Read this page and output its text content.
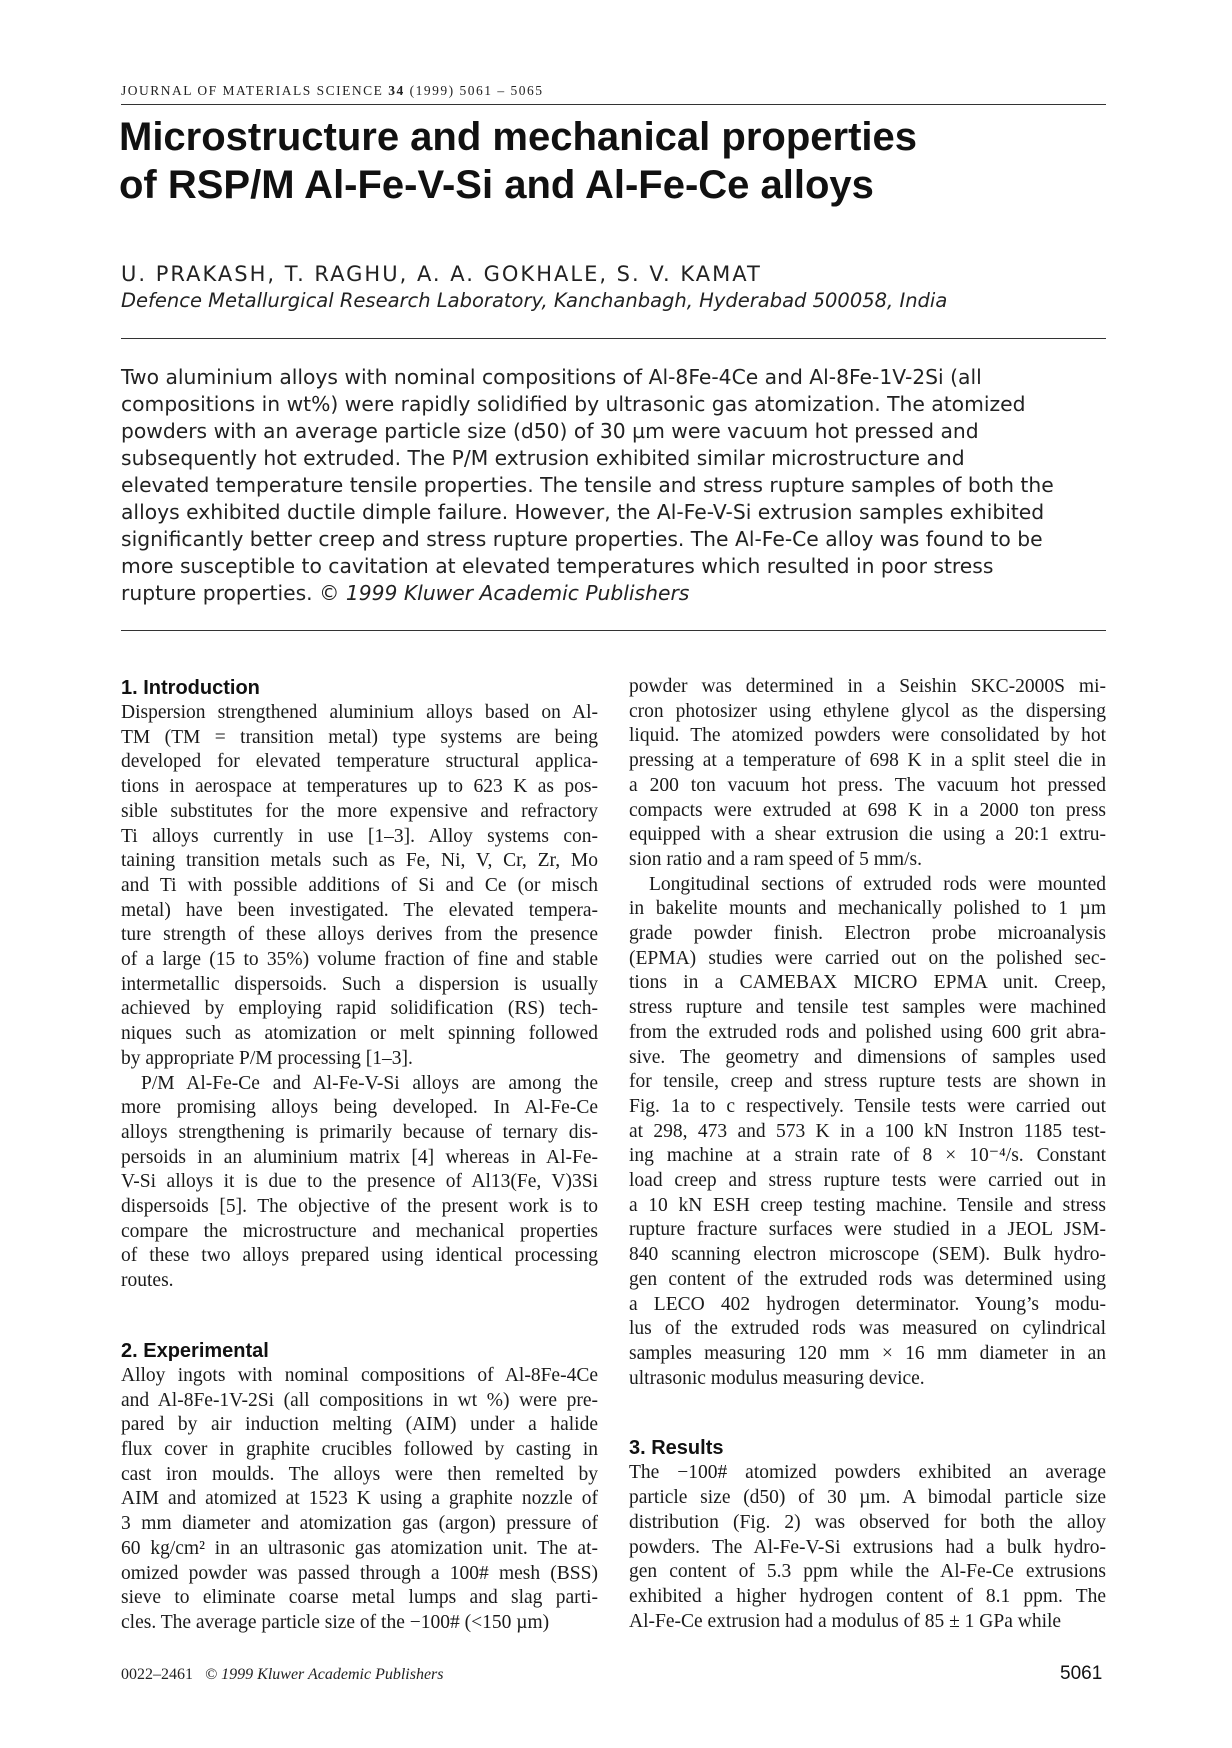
JOURNAL OF MATERIALS SCIENCE 34 (1999) 5061 – 5065
Microstructure and mechanical properties
of RSP/M Al-Fe-V-Si and Al-Fe-Ce alloys
U. PRAKASH, T. RAGHU, A. A. GOKHALE, S. V. KAMAT
Defence Metallurgical Research Laboratory, Kanchanbagh, Hyderabad 500058, India
Two aluminium alloys with nominal compositions of Al-8Fe-4Ce and Al-8Fe-1V-2Si (all
compositions in wt%) were rapidly solidified by ultrasonic gas atomization. The atomized
powders with an average particle size (d50) of 30 µm were vacuum hot pressed and
subsequently hot extruded. The P/M extrusion exhibited similar microstructure and
elevated temperature tensile properties. The tensile and stress rupture samples of both the
alloys exhibited ductile dimple failure. However, the Al-Fe-V-Si extrusion samples exhibited
significantly better creep and stress rupture properties. The Al-Fe-Ce alloy was found to be
more susceptible to cavitation at elevated temperatures which resulted in poor stress
rupture properties. © 1999 Kluwer Academic Publishers
1. Introduction
Dispersion strengthened aluminium alloys based on Al-
TM (TM = transition metal) type systems are being
developed for elevated temperature structural applica-
tions in aerospace at temperatures up to 623 K as pos-
sible substitutes for the more expensive and refractory
Ti alloys currently in use [1–3]. Alloy systems con-
taining transition metals such as Fe, Ni, V, Cr, Zr, Mo
and Ti with possible additions of Si and Ce (or misch
metal) have been investigated. The elevated tempera-
ture strength of these alloys derives from the presence
of a large (15 to 35%) volume fraction of fine and stable
intermetallic dispersoids. Such a dispersion is usually
achieved by employing rapid solidification (RS) tech-
niques such as atomization or melt spinning followed
by appropriate P/M processing [1–3].
P/M Al-Fe-Ce and Al-Fe-V-Si alloys are among the
more promising alloys being developed. In Al-Fe-Ce
alloys strengthening is primarily because of ternary dis-
persoids in an aluminium matrix [4] whereas in Al-Fe-
V-Si alloys it is due to the presence of Al13(Fe, V)3Si
dispersoids [5]. The objective of the present work is to
compare the microstructure and mechanical properties
of these two alloys prepared using identical processing
routes.
2. Experimental
Alloy ingots with nominal compositions of Al-8Fe-4Ce
and Al-8Fe-1V-2Si (all compositions in wt %) were pre-
pared by air induction melting (AIM) under a halide
flux cover in graphite crucibles followed by casting in
cast iron moulds. The alloys were then remelted by
AIM and atomized at 1523 K using a graphite nozzle of
3 mm diameter and atomization gas (argon) pressure of
60 kg/cm² in an ultrasonic gas atomization unit. The at-
omized powder was passed through a 100# mesh (BSS)
sieve to eliminate coarse metal lumps and slag parti-
cles. The average particle size of the −100# (<150 µm)
powder was determined in a Seishin SKC-2000S mi-
cron photosizer using ethylene glycol as the dispersing
liquid. The atomized powders were consolidated by hot
pressing at a temperature of 698 K in a split steel die in
a 200 ton vacuum hot press. The vacuum hot pressed
compacts were extruded at 698 K in a 2000 ton press
equipped with a shear extrusion die using a 20:1 extru-
sion ratio and a ram speed of 5 mm/s.
Longitudinal sections of extruded rods were mounted
in bakelite mounts and mechanically polished to 1 µm
grade powder finish. Electron probe microanalysis
(EPMA) studies were carried out on the polished sec-
tions in a CAMEBAX MICRO EPMA unit. Creep,
stress rupture and tensile test samples were machined
from the extruded rods and polished using 600 grit abra-
sive. The geometry and dimensions of samples used
for tensile, creep and stress rupture tests are shown in
Fig. 1a to c respectively. Tensile tests were carried out
at 298, 473 and 573 K in a 100 kN Instron 1185 test-
ing machine at a strain rate of 8 × 10⁻⁴/s. Constant
load creep and stress rupture tests were carried out in
a 10 kN ESH creep testing machine. Tensile and stress
rupture fracture surfaces were studied in a JEOL JSM-
840 scanning electron microscope (SEM). Bulk hydro-
gen content of the extruded rods was determined using
a LECO 402 hydrogen determinator. Young’s modu-
lus of the extruded rods was measured on cylindrical
samples measuring 120 mm × 16 mm diameter in an
ultrasonic modulus measuring device.
3. Results
The −100# atomized powders exhibited an average
particle size (d50) of 30 µm. A bimodal particle size
distribution (Fig. 2) was observed for both the alloy
powders. The Al-Fe-V-Si extrusions had a bulk hydro-
gen content of 5.3 ppm while the Al-Fe-Ce extrusions
exhibited a higher hydrogen content of 8.1 ppm. The
Al-Fe-Ce extrusion had a modulus of 85 ± 1 GPa while
0022–2461 © 1999 Kluwer Academic Publishers	5061
